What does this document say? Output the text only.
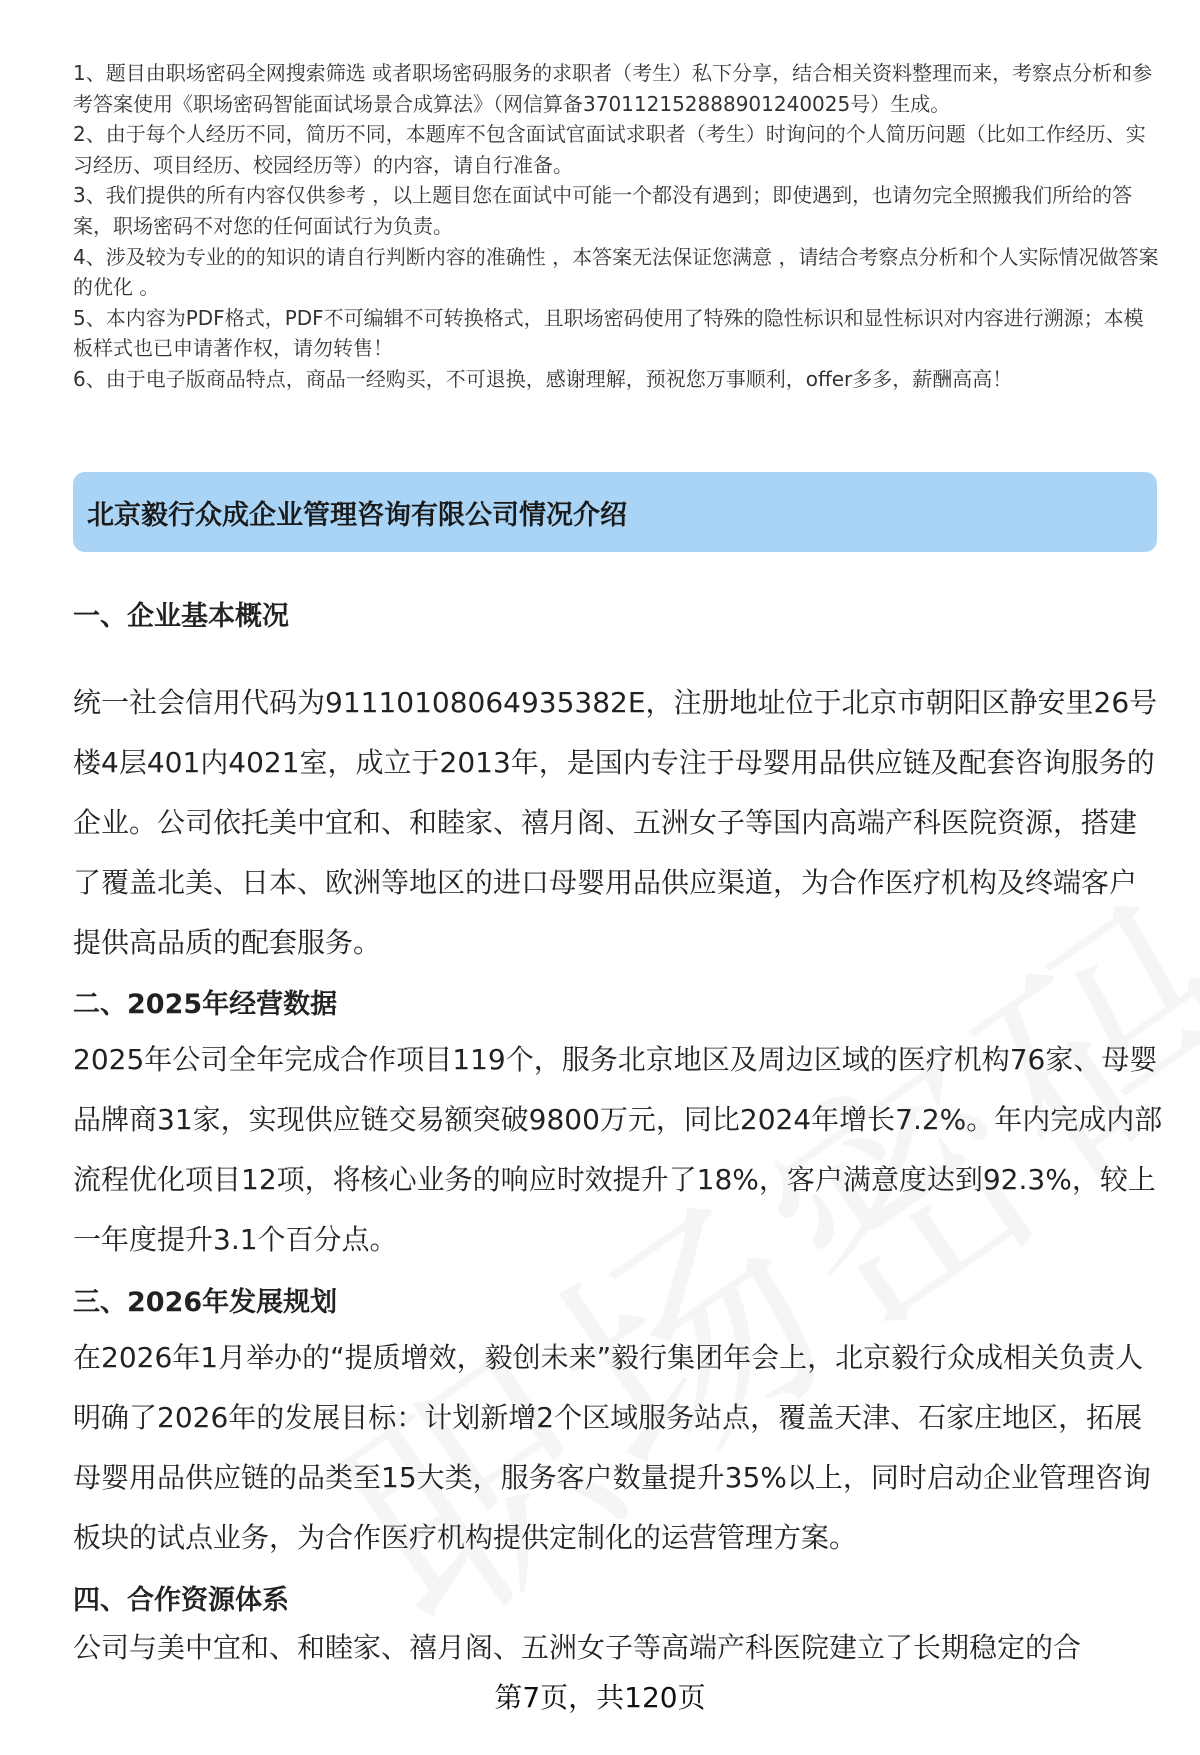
1、题目由职场密码全网搜索筛选 或者职场密码服务的求职者（考生）私下分享，结合相关资料整理而来，考察点分析和参考答案使用《职场密码智能面试场景合成算法》（网信算备370112152888901240025号）生成。

2、由于每个人经历不同，简历不同，本题库不包含面试官面试求职者（考生）时询问的个人简历问题（比如工作经历、实习经历、项目经历、校园经历等）的内容，请自行准备。

3、我们提供的所有内容仅供参考 ，以上题目您在面试中可能一个都没有遇到；即使遇到，也请勿完全照搬我们所给的答案，职场密码不对您的任何面试行为负责。

4、涉及较为专业的的知识的请自行判断内容的准确性 ，本答案无法保证您满意 ，请结合考察点分析和个人实际情况做答案的优化 。

5、本内容为PDF格式，PDF不可编辑不可转换格式，且职场密码使用了特殊的隐性标识和显性标识对内容进行溯源；本模板样式也已申请著作权，请勿转售！

6、由于电子版商品特点，商品一经购买，不可退换，感谢理解，预祝您万事顺利，offer多多，薪酬高高！

北京毅行众成企业管理咨询有限公司情况介绍
一、企业基本概况

统一社会信用代码为91110108064935382E，注册地址位于北京市朝阳区静安里26号楼4层401内4021室，成立于2013年，是国内专注于母婴用品供应链及配套咨询服务的企业。公司依托美中宜和、和睦家、禧月阁、五洲女子等国内高端产科医院资源，搭建了覆盖北美、日本、欧洲等地区的进口母婴用品供应渠道，为合作医疗机构及终端客户提供高品质的配套服务。

二、2025年经营数据

2025年公司全年完成合作项目119个，服务北京地区及周边区域的医疗机构76家、母婴品牌商31家，实现供应链交易额突破9800万元，同比2024年增长7.2%。年内完成内部流程优化项目12项，将核心业务的响应时效提升了18%，客户满意度达到92.3%，较上一年度提升3.1个百分点。

三、2026年发展规划

在2026年1月举办的“提质增效，毅创未来”毅行集团年会上，北京毅行众成相关负责人明确了2026年的发展目标：计划新增2个区域服务站点，覆盖天津、石家庄地区，拓展母婴用品供应链的品类至15大类，服务客户数量提升35%以上，同时启动企业管理咨询板块的试点业务，为合作医疗机构提供定制化的运营管理方案。

四、合作资源体系

公司与美中宜和、和睦家、禧月阁、五洲女子等高端产科医院建立了长期稳定的合

第7页，共120页
